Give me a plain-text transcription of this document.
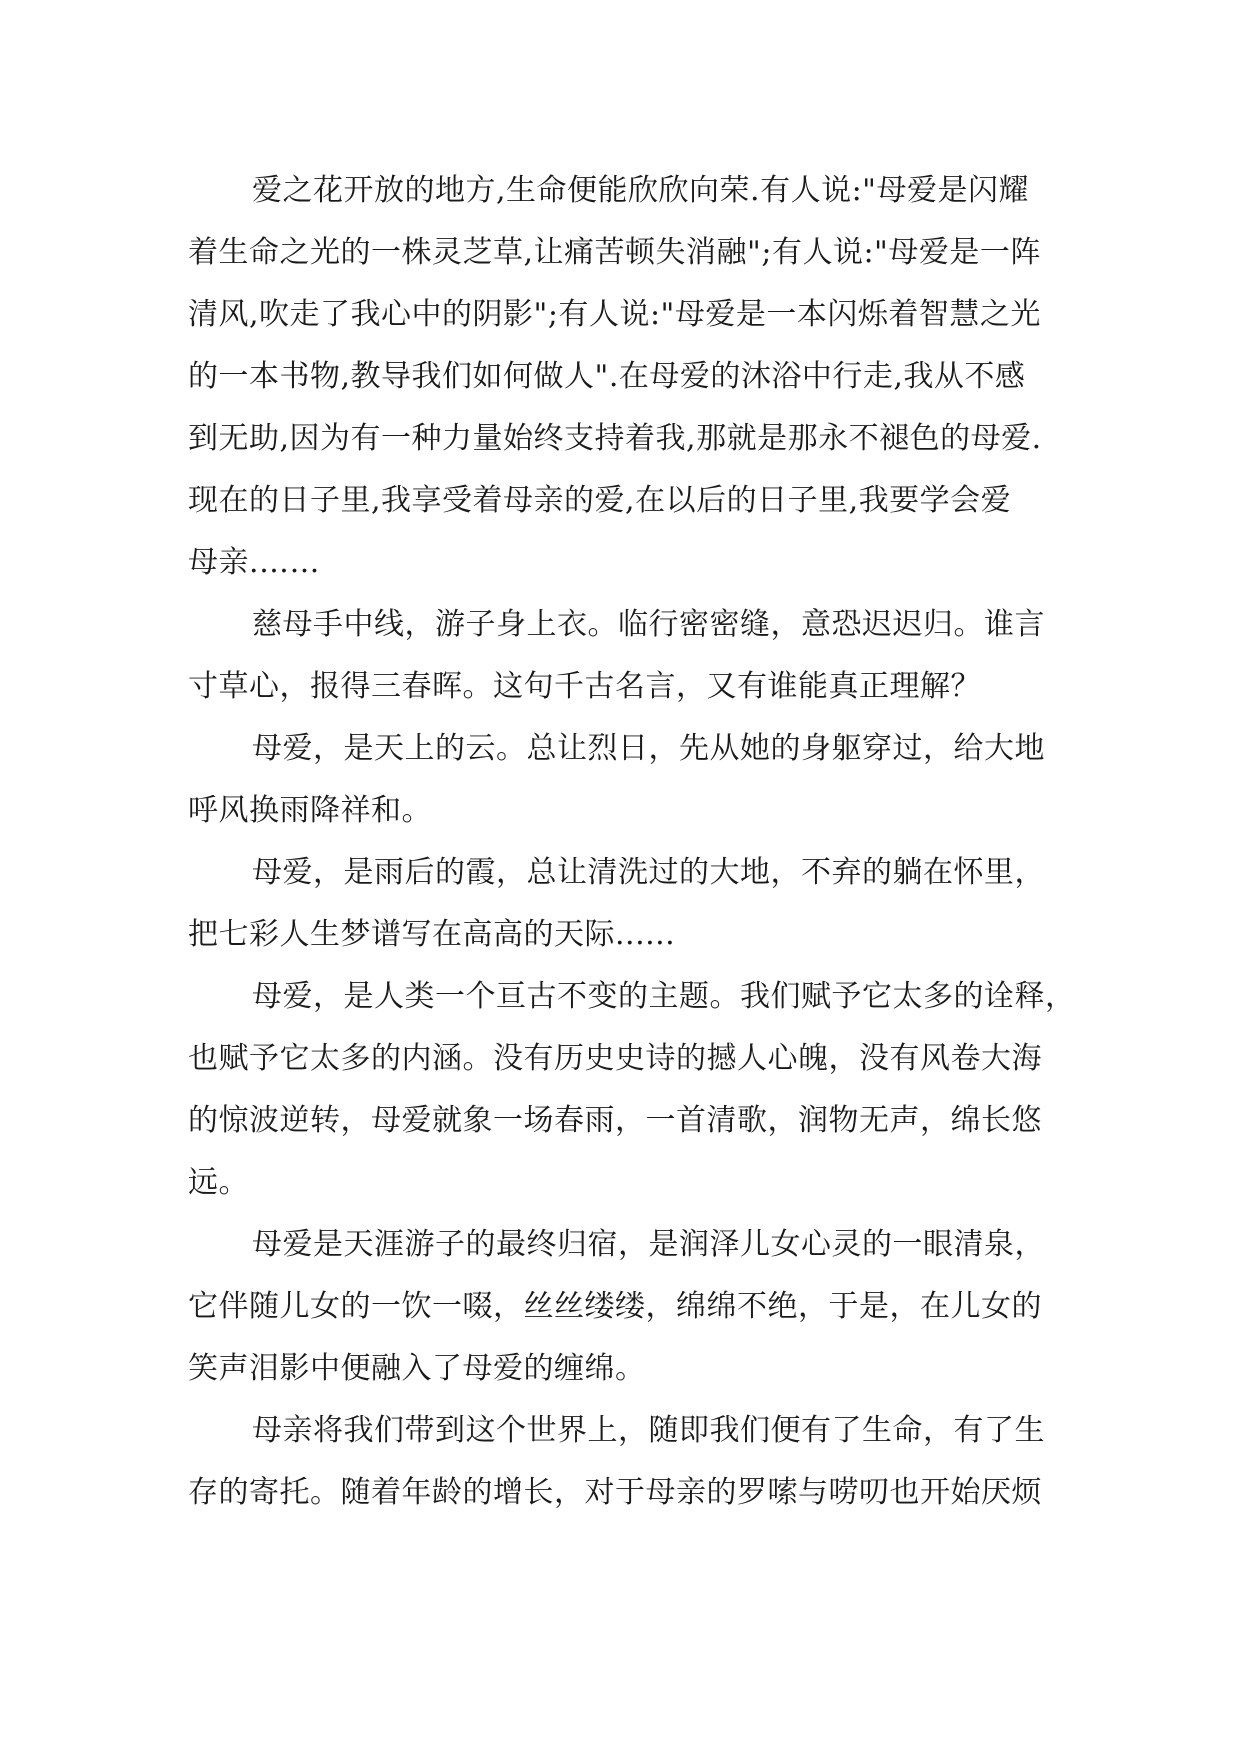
爱之花开放的地方,生命便能欣欣向荣.有人说:"母爱是闪耀
着生命之光的一株灵芝草,让痛苦顿失消融";有人说:"母爱是一阵
清风,吹走了我心中的阴影";有人说:"母爱是一本闪烁着智慧之光
的一本书物,教导我们如何做人".在母爱的沐浴中行走,我从不感
到无助,因为有一种力量始终支持着我,那就是那永不褪色的母爱.
现在的日子里,我享受着母亲的爱,在以后的日子里,我要学会爱
母亲.……
慈母手中线，游子身上衣。临行密密缝，意恐迟迟归。谁言
寸草心，报得三春晖。这句千古名言，又有谁能真正理解？
母爱，是天上的云。总让烈日，先从她的身躯穿过，给大地
呼风换雨降祥和。
母爱，是雨后的霞，总让清洗过的大地，不弃的躺在怀里，
把七彩人生梦谱写在高高的天际......
母爱，是人类一个亘古不变的主题。我们赋予它太多的诠释，
也赋予它太多的内涵。没有历史史诗的撼人心魄，没有风卷大海
的惊波逆转，母爱就象一场春雨，一首清歌，润物无声，绵长悠
远。
母爱是天涯游子的最终归宿，是润泽儿女心灵的一眼清泉，
它伴随儿女的一饮一啜，丝丝缕缕，绵绵不绝，于是，在儿女的
笑声泪影中便融入了母爱的缠绵。
母亲将我们带到这个世界上，随即我们便有了生命，有了生
存的寄托。随着年龄的增长，对于母亲的罗嗦与唠叨也开始厌烦
